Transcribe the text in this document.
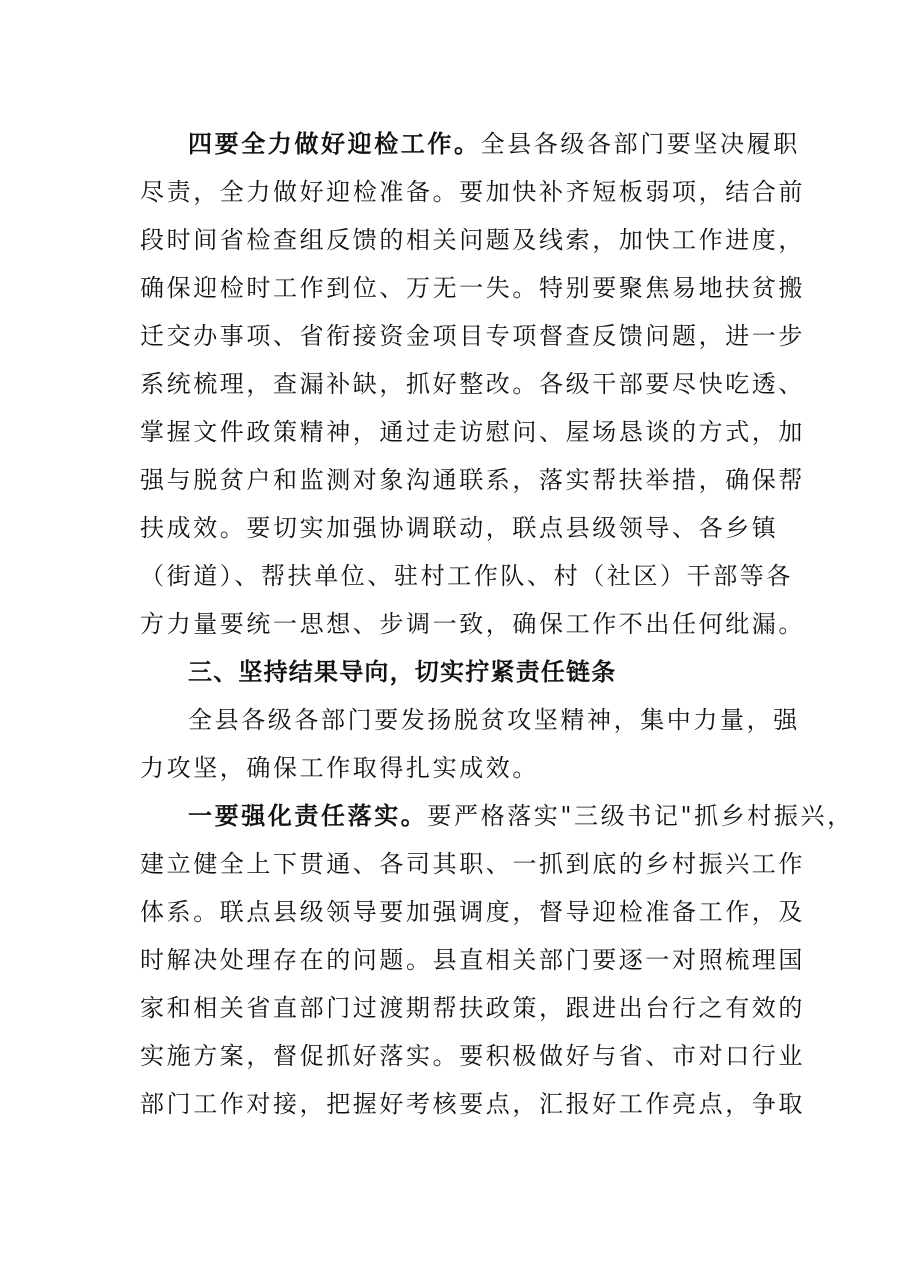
四要全力做好迎检工作。全县各级各部门要坚决履职
尽责，全力做好迎检准备。要加快补齐短板弱项，结合前
段时间省检查组反馈的相关问题及线索，加快工作进度，
确保迎检时工作到位、万无一失。特别要聚焦易地扶贫搬
迁交办事项、省衔接资金项目专项督查反馈问题，进一步
系统梳理，查漏补缺，抓好整改。各级干部要尽快吃透、
掌握文件政策精神，通过走访慰问、屋场恳谈的方式，加
强与脱贫户和监测对象沟通联系，落实帮扶举措，确保帮
扶成效。要切实加强协调联动，联点县级领导、各乡镇
（街道）、帮扶单位、驻村工作队、村（社区）干部等各
方力量要统一思想、步调一致，确保工作不出任何纰漏。
三、坚持结果导向，切实拧紧责任链条
全县各级各部门要发扬脱贫攻坚精神，集中力量，强
力攻坚，确保工作取得扎实成效。
一要强化责任落实。要严格落实"三级书记"抓乡村振兴，
建立健全上下贯通、各司其职、一抓到底的乡村振兴工作
体系。联点县级领导要加强调度，督导迎检准备工作，及
时解决处理存在的问题。县直相关部门要逐一对照梳理国
家和相关省直部门过渡期帮扶政策，跟进出台行之有效的
实施方案，督促抓好落实。要积极做好与省、市对口行业
部门工作对接，把握好考核要点，汇报好工作亮点，争取
